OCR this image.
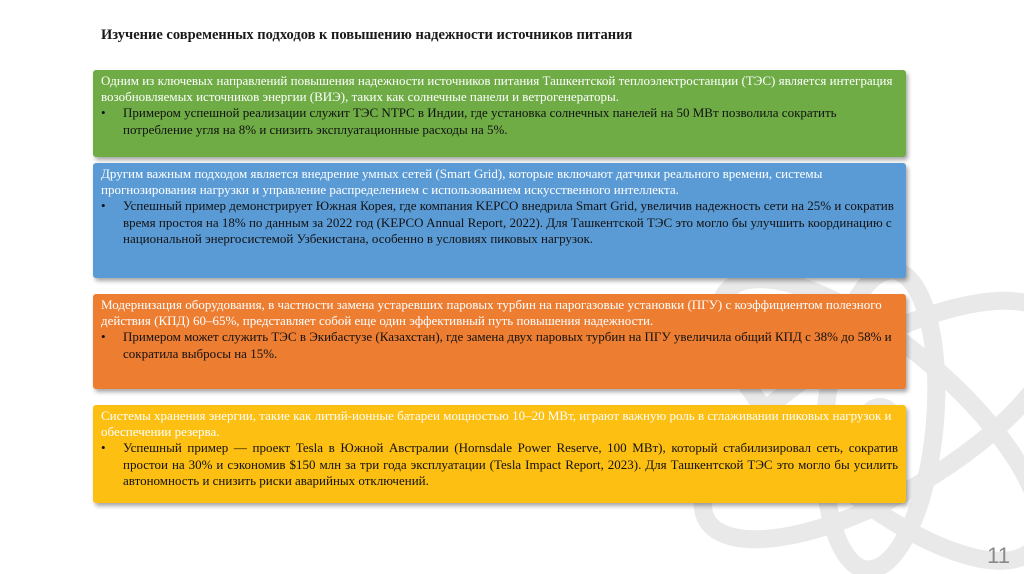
Изучение современных подходов к повышению надежности источников питания

Одним из ключевых направлений повышения надежности источников питания Ташкентской теплоэлектростанции (ТЭС) является интеграция возобновляемых источников энергии (ВИЭ), таких как солнечные панели и ветрогенераторы.

•	Примером успешной реализации служит ТЭС NTPC в Индии, где установка солнечных панелей на 50 МВт позволила сократить потребление угля на 8% и снизить эксплуатационные расходы на 5%.

Другим важным подходом является внедрение умных сетей (Smart Grid), которые включают датчики реального времени, системы прогнозирования нагрузки и управление распределением с использованием искусственного интеллекта.

•	Успешный пример демонстрирует Южная Корея, где компания KEPCO внедрила Smart Grid, увеличив надежность сети на 25% и сократив время простоя на 18% по данным за 2022 год (KEPCO Annual Report, 2022). Для Ташкентской ТЭС это могло бы улучшить координацию с национальной энергосистемой Узбекистана, особенно в условиях пиковых нагрузок.

Модернизация оборудования, в частности замена устаревших паровых турбин на парогазовые установки (ПГУ) с коэффициентом полезного действия (КПД) 60–65%, представляет собой еще один эффективный путь повышения надежности.

•	Примером может служить ТЭС в Экибастузе (Казахстан), где замена двух паровых турбин на ПГУ увеличила общий КПД с 38% до 58% и сократила выбросы на 15%.

Системы хранения энергии, такие как литий-ионные батареи мощностью 10–20 МВт, играют важную роль в сглаживании пиковых нагрузок и обеспечении резерва.

•	Успешный пример — проект Tesla в Южной Австралии (Hornsdale Power Reserve, 100 МВт), который стабилизировал сеть, сократив простои на 30% и сэкономив $150 млн за три года эксплуатации (Tesla Impact Report, 2023). Для Ташкентской ТЭС это могло бы усилить автономность и снизить риски аварийных отключений.
11
